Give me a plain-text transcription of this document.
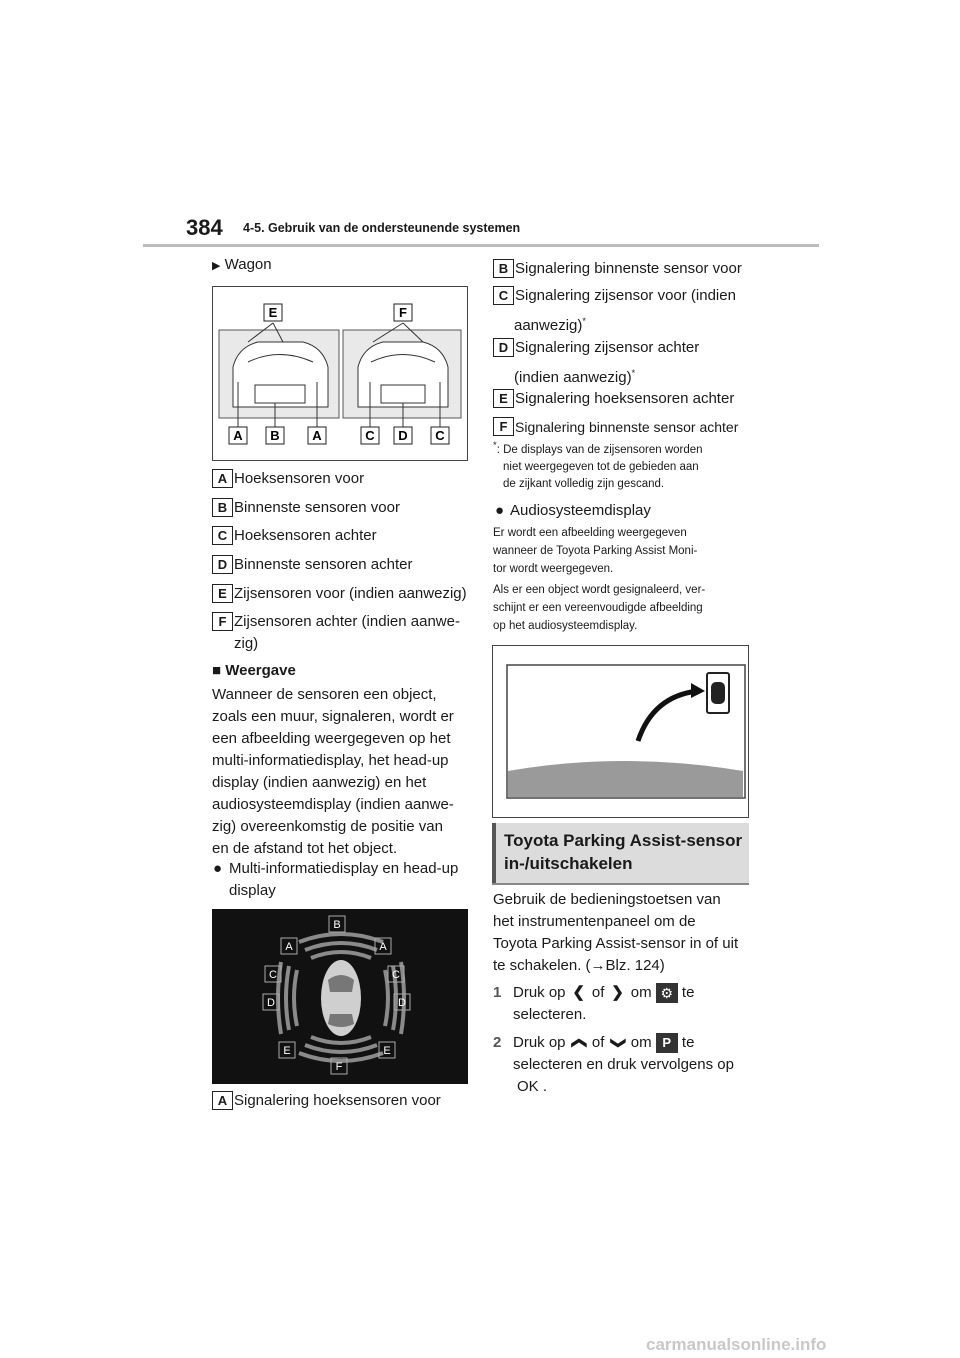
384 4-5. Gebruik van de ondersteunende systemen
▶ Wagon
E	F
A B	A	C D C
A Hoeksensoren voor
B Binnenste sensoren voor
C Hoeksensoren achter
D Binnenste sensoren achter
E Zijsensoren voor (indien aanwezig)
F Zijsensoren achter (indien aanwe-
zig)
■ Weergave
Wanneer de sensoren een object,
zoals een muur, signaleren, wordt er
een afbeelding weergegeven op het
multi-informatiedisplay, het head-up
display (indien aanwezig) en het
audiosysteemdisplay (indien aanwe-
zig) overeenkomstig de positie van
en de afstand tot het object.
● Multi-informatiedisplay en head-up
display
B
A	A
C	C
D	D
E	E
F
A Signalering hoeksensoren voor
B Signalering binnenste sensor voor
C Signalering zijsensor voor (indien
aanwezig)*
D Signalering zijsensor achter
(indien aanwezig)*
E Signalering hoeksensoren achter
F Signalering binnenste sensor achter
*: De displays van de zijsensoren worden
niet weergegeven tot de gebieden aan
de zijkant volledig zijn gescand.
● Audiosysteemdisplay
Er wordt een afbeelding weergegeven
wanneer de Toyota Parking Assist Moni-
tor wordt weergegeven.
Als er een object wordt gesignaleerd, ver-
schijnt er een vereenvoudigde afbeelding
op het audiosysteemdisplay.
Toyota Parking Assist-sensor
in-/uitschakelen
Gebruik de bedieningstoetsen van
het instrumentenpaneel om de
Toyota Parking Assist-sensor in of uit
te schakelen. (→Blz. 124)
1 Druk op ❮ of ❯ om ⚙ te
selecteren.
2 Druk op ❮ of ❯ om P te
selecteren en druk vervolgens op
OK .
carmanualsonline.info
